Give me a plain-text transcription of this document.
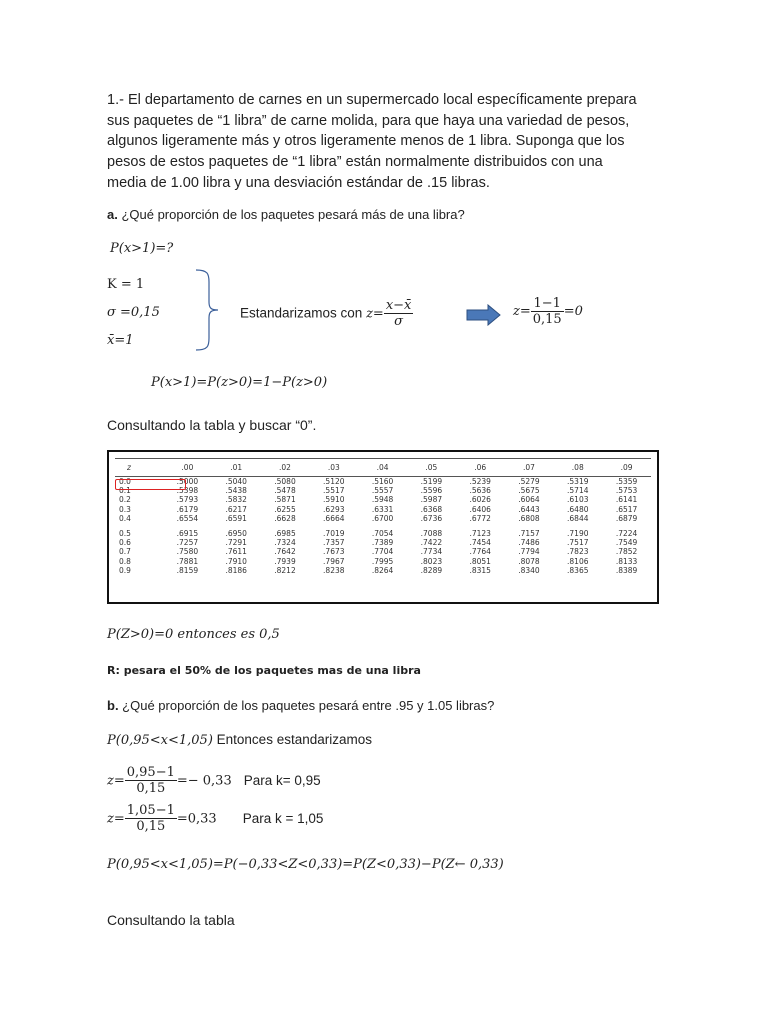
1.- El departamento de carnes en un supermercado local específicamente prepara
sus paquetes de “1 libra” de carne molida, para que haya una variedad de pesos,
algunos ligeramente más y otros ligeramente menos de 1 libra. Suponga que los
pesos de estos paquetes de “1 libra” están normalmente distribuidos con una
media de 1.00 libra y una desviación estándar de .15 libras.
a. ¿Qué proporción de los paquetes pesará más de una libra?
P(x>1)=?
K = 1
σ =0,15
x̄=1
Estandarizamos con $z= \frac{x-x̄}{\sigma}$	$z= \frac{1-1}{0,15} =0$
P(x>1)=P(z>0)=1−P(z>0)
Consultando la tabla y buscar “0”.
z	.00	.01	.02	.03	.04	.05	.06	.07	.08	.09
0.0	.5000	.5040	.5080	.5120	.5160	.5199	.5239	.5279	.5319	.5359
0.1	.5398	.5438	.5478	.5517	.5557	.5596	.5636	.5675	.5714	.5753
0.2	.5793	.5832	.5871	.5910	.5948	.5987	.6026	.6064	.6103	.6141
0.3	.6179	.6217	.6255	.6293	.6331	.6368	.6406	.6443	.6480	.6517
0.4	.6554	.6591	.6628	.6664	.6700	.6736	.6772	.6808	.6844	.6879

0.5	.6915	.6950	.6985	.7019	.7054	.7088	.7123	.7157	.7190	.7224
0.6	.7257	.7291	.7324	.7357	.7389	.7422	.7454	.7486	.7517	.7549
0.7	.7580	.7611	.7642	.7673	.7704	.7734	.7764	.7794	.7823	.7852
0.8	.7881	.7910	.7939	.7967	.7995	.8023	.8051	.8078	.8106	.8133
0.9	.8159	.8186	.8212	.8238	.8264	.8289	.8315	.8340	.8365	.8389
P(Z>0)=0 entonces es 0,5
R: pesara el 50% de los paquetes mas de una libra
b. ¿Qué proporción de los paquetes pesará entre .95 y 1.05 libras?
P(0,95<x<1,05) Entonces estandarizamos
$z= \frac{0,95-1}{0,15} =- 0,33$ Para k= 0,95
$z= \frac{1,05-1}{0,15} =0,33$ Para k = 1,05
P(0,95<x<1,05)=P(−0,33<Z<0,33)=P(Z<0,33)−P(Z← 0,33)
Consultando la tabla
